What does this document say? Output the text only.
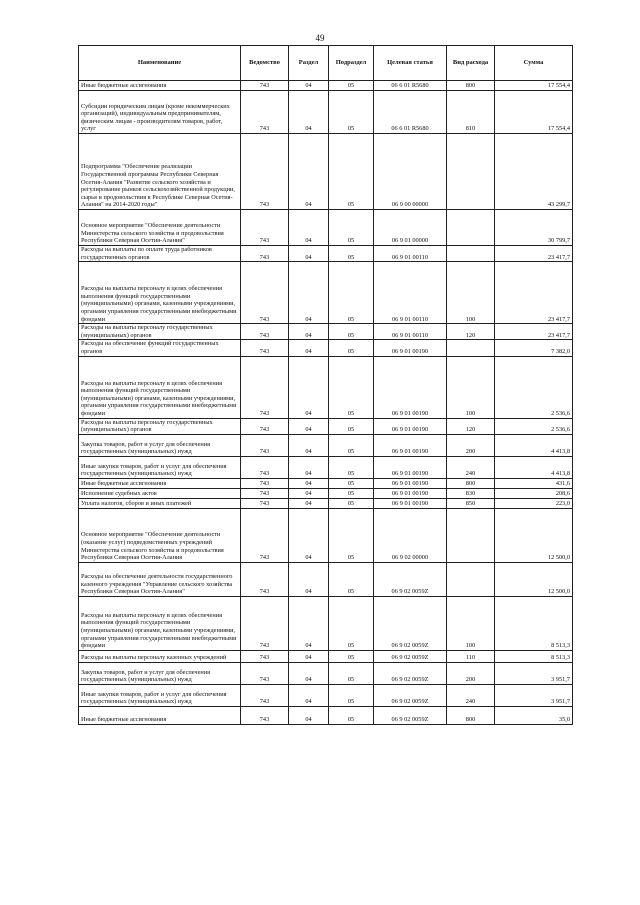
49
Наименование	Ведомство	Раздел	Подраздел	Целевая статья	Вид расхода	Сумма
Иные бюджетные ассигнования	743	04	05	06 6 01 R5680	800	17 554,4
Субсидии юридическим лицам (кроме некоммерческих организаций), индивидуальным предпринимателям, физическим лицам - производителям товаров, работ, услуг	743	04	05	06 6 01 R5680	810	17 554,4
Подпрограмма "Обеспечение реализации Государственной программы Республики Северная Осетия-Алания "Развитие сельского хозяйства и регулирование рынков сельскохозяйственной продукции, сырья и продовольствия в Республике Северная Осетия-Алания" на 2014-2020 годы"	743	04	05	06 9 00 00000		43 299,7
Основное мероприятие "Обеспечение деятельности Министерства сельского хозяйства и продовольствия Республики Северная Осетия-Алания"	743	04	05	06 9 01 00000		30 799,7
Расходы на выплаты по оплате труда работников государственных органов	743	04	05	06 9 01 00110		23 417,7
Расходы на выплаты персоналу в целях обеспечения выполнения функций государственными (муниципальными) органами, казенными учреждениями, органами управления государственными внебюджетными фондами	743	04	05	06 9 01 00110	100	23 417,7
Расходы на выплаты персоналу государственных (муниципальных) органов	743	04	05	06 9 01 00110	120	23 417,7
Расходы на обеспечение функций государственных органов	743	04	05	06 9 01 00190		7 382,0
Расходы на выплаты персоналу в целях обеспечения выполнения функций государственными (муниципальными) органами, казенными учреждениями, органами управления государственными внебюджетными фондами	743	04	05	06 9 01 00190	100	2 536,6
Расходы на выплаты персоналу государственных (муниципальных) органов	743	04	05	06 9 01 00190	120	2 536,6
Закупка товаров, работ и услуг для обеспечения государственных (муниципальных) нужд	743	04	05	06 9 01 00190	200	4 413,8
Иные закупки товаров, работ и услуг для обеспечения государственных (муниципальных) нужд	743	04	05	06 9 01 00190	240	4 413,8
Иные бюджетные ассигнования	743	04	05	06 9 01 00190	800	431,6
Исполнение судебных актов	743	04	05	06 9 01 00190	830	208,6
Уплата налогов, сборов и иных платежей	743	04	05	06 9 01 00190	850	223,0
Основное мероприятие "Обеспечение деятельности (оказание услуг) подведомственных учреждений Министерства сельского хозяйства и продовольствия Республики Северная Осетия-Алания	743	04	05	06 9 02 00000		12 500,0
Расходы на обеспечение деятельности государственного казенного учреждения "Управление сельского хозяйства Республики Северная Осетия-Алания"	743	04	05	06 9 02 0059Z		12 500,0
Расходы на выплаты персоналу в целях обеспечения выполнения функций государственными (муниципальными) органами, казенными учреждениями, органами управления государственными внебюджетными фондами	743	04	05	06 9 02 0059Z	100	8 513,3
Расходы на выплаты персоналу казенных учреждений	743	04	05	06 9 02 0059Z	110	8 513,3
Закупка товаров, работ и услуг для обеспечения государственных (муниципальных) нужд	743	04	05	06 9 02 0059Z	200	3 951,7
Иные закупки товаров, работ и услуг для обеспечения государственных (муниципальных) нужд	743	04	05	06 9 02 0059Z	240	3 951,7
Иные бюджетные ассигнования	743	04	05	06 9 02 0059Z	800	35,0
